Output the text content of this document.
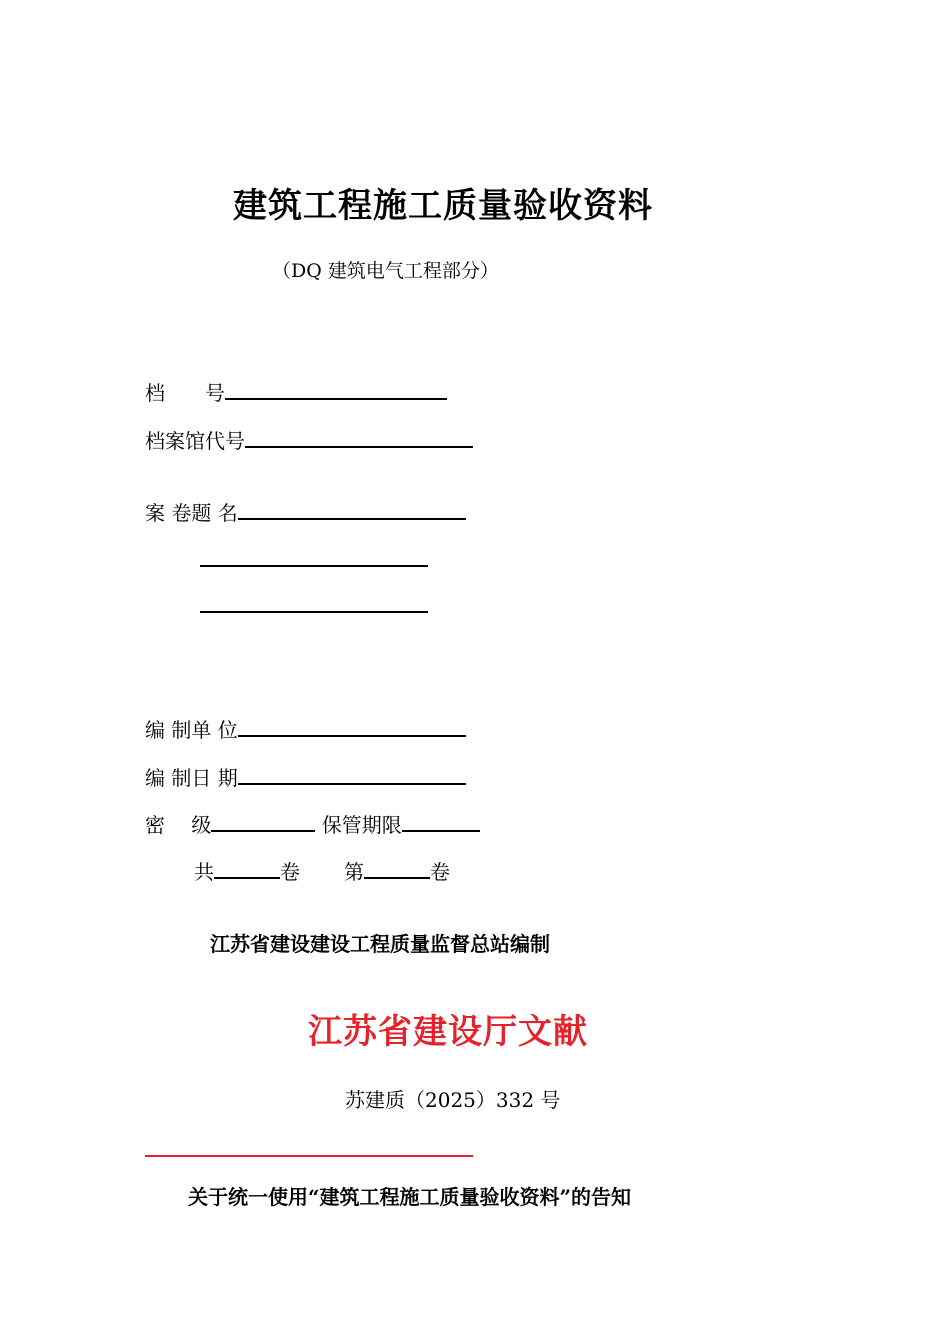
建筑工程施工质量验收资料
（DQ 建筑电气工程部分）
档　　号
档案馆代号
案 卷题 名
编 制单 位
编 制日 期
密　 级	保管期限
共	卷 第	卷
江苏省建设建设工程质量监督总站编制
江苏省建设厅文献
苏建质（2025）332 号
关于统一使用“建筑工程施工质量验收资料”的告知
